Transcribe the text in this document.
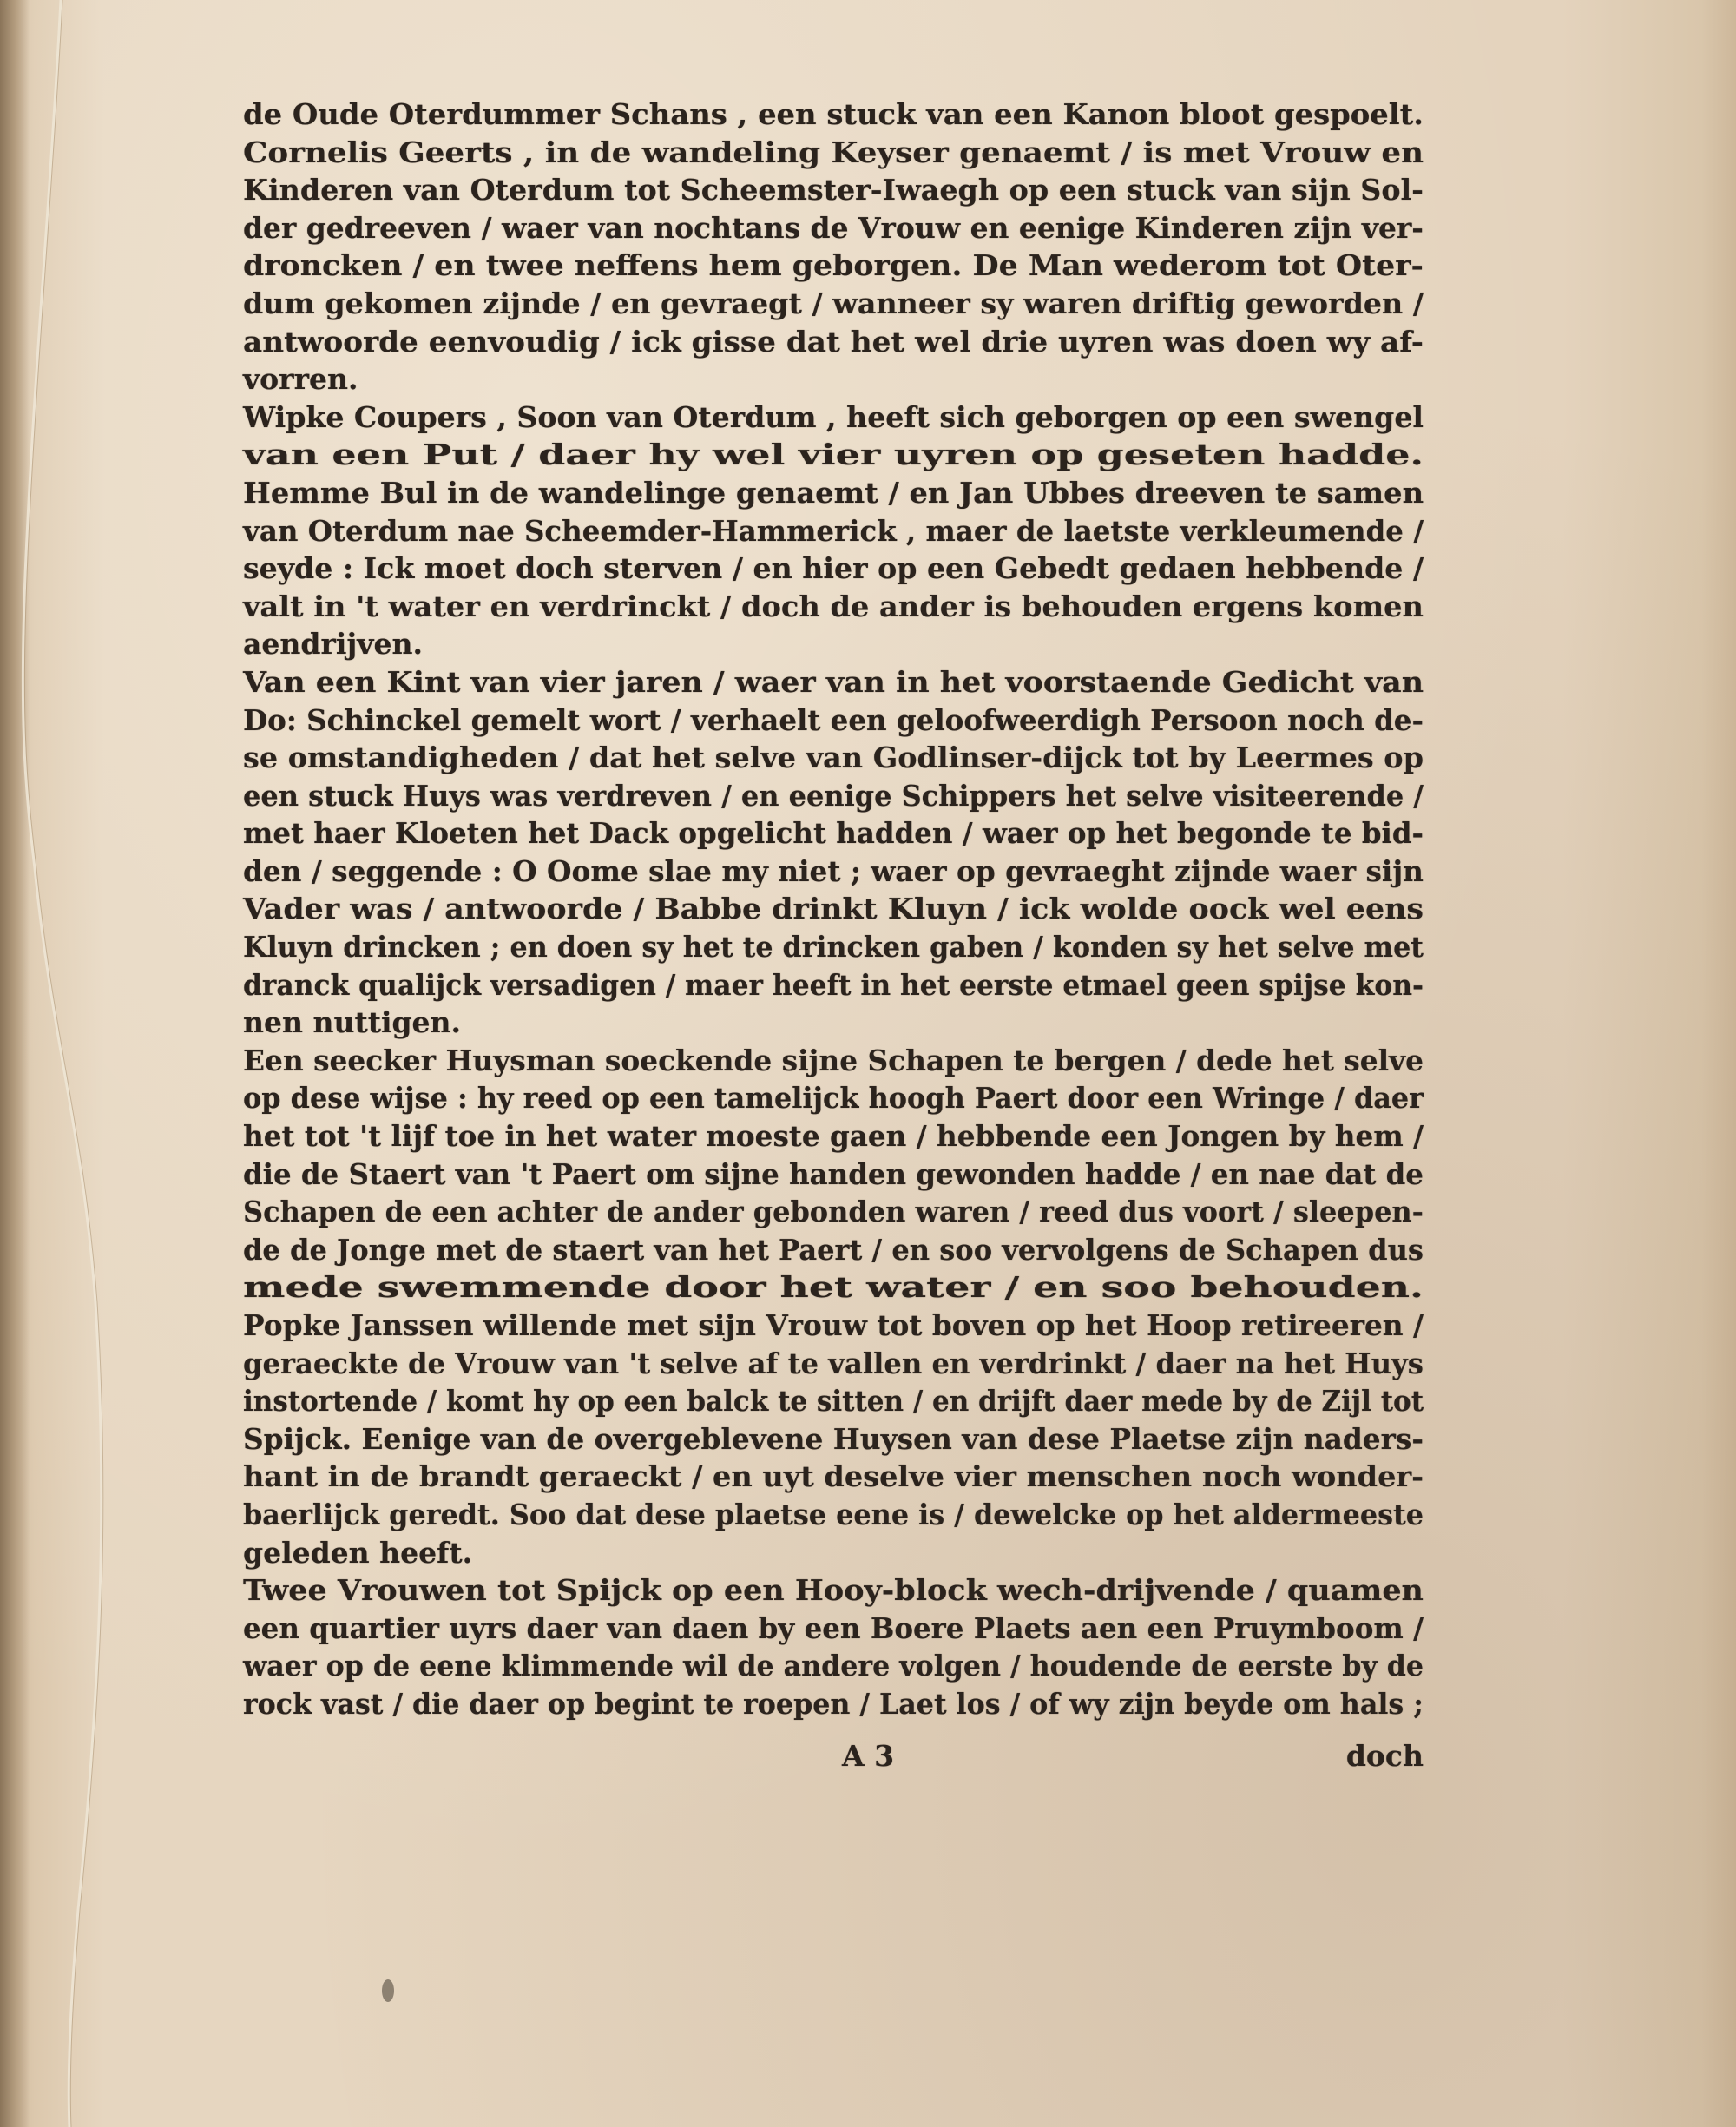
de Oude Oterdummer Schans , een stuck van een Kanon bloot gespoelt.
Cornelis Geerts , in de wandeling Keyser genaemt / is met Vrouw en
Kinderen van Oterdum tot Scheemster-Iwaegh op een stuck van sijn Sol-
der gedreeven / waer van nochtans de Vrouw en eenige Kinderen zijn ver-
droncken / en twee neffens hem geborgen. De Man wederom tot Oter-
dum gekomen zijnde / en gevraegt / wanneer sy waren driftig geworden /
antwoorde eenvoudig / ick gisse dat het wel drie uyren was doen wy af-
vorren.
Wipke Coupers , Soon van Oterdum , heeft sich geborgen op een swengel
van een Put / daer hy wel vier uyren op geseten hadde.
Hemme Bul in de wandelinge genaemt / en Jan Ubbes dreeven te samen
van Oterdum nae Scheemder-Hammerick , maer de laetste verkleumende /
seyde : Ick moet doch sterven / en hier op een Gebedt gedaen hebbende /
valt in 't water en verdrinckt / doch de ander is behouden ergens komen
aendrijven.
Van een Kint van vier jaren / waer van in het voorstaende Gedicht van
Do: Schinckel gemelt wort / verhaelt een geloofweerdigh Persoon noch de-
se omstandigheden / dat het selve van Godlinser-dijck tot by Leermes op
een stuck Huys was verdreven / en eenige Schippers het selve visiteerende /
met haer Kloeten het Dack opgelicht hadden / waer op het begonde te bid-
den / seggende : O Oome slae my niet ; waer op gevraeght zijnde waer sijn
Vader was / antwoorde / Babbe drinkt Kluyn / ick wolde oock wel eens
Kluyn drincken ; en doen sy het te drincken gaben / konden sy het selve met
dranck qualijck versadigen / maer heeft in het eerste etmael geen spijse kon-
nen nuttigen.
Een seecker Huysman soeckende sijne Schapen te bergen / dede het selve
op dese wijse : hy reed op een tamelijck hoogh Paert door een Wringe / daer
het tot 't lijf toe in het water moeste gaen / hebbende een Jongen by hem /
die de Staert van 't Paert om sijne handen gewonden hadde / en nae dat de
Schapen de een achter de ander gebonden waren / reed dus voort / sleepen-
de de Jonge met de staert van het Paert / en soo vervolgens de Schapen dus
mede swemmende door het water / en soo behouden.
Popke Janssen willende met sijn Vrouw tot boven op het Hoop retireeren /
geraeckte de Vrouw van 't selve af te vallen en verdrinkt / daer na het Huys
instortende / komt hy op een balck te sitten / en drijft daer mede by de Zijl tot
Spijck. Eenige van de overgeblevene Huysen van dese Plaetse zijn naders-
hant in de brandt geraeckt / en uyt deselve vier menschen noch wonder-
baerlijck geredt. Soo dat dese plaetse eene is / dewelcke op het aldermeeste
geleden heeft.
Twee Vrouwen tot Spijck op een Hooy-block wech-drijvende / quamen
een quartier uyrs daer van daen by een Boere Plaets aen een Pruymboom /
waer op de eene klimmende wil de andere volgen / houdende de eerste by de
rock vast / die daer op begint te roepen / Laet los / of wy zijn beyde om hals ;
A 3	doch
